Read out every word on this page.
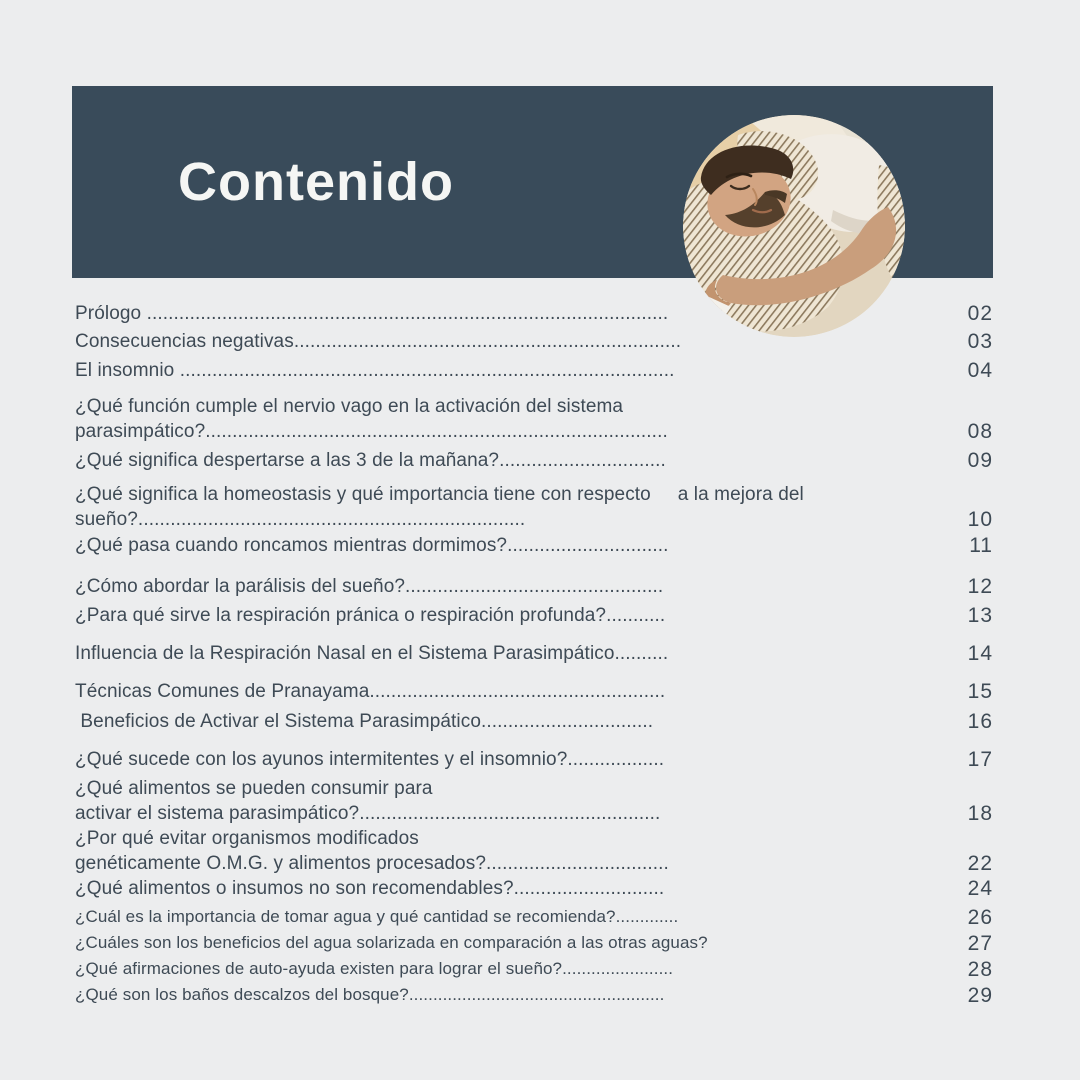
Contenido
Prólogo .................................................................................................	02
Consecuencias negativas........................................................................	03
El insomnio ............................................................................................	04
¿Qué función cumple el nervio vago en la activación del sistema
parasimpático?......................................................................................	08
¿Qué significa despertarse a las 3 de la mañana?...............................	09
¿Qué significa la homeostasis y qué importancia tiene con respecto     a la mejora del
sueño?........................................................................	10
¿Qué pasa cuando roncamos mientras dormimos?..............................	11
¿Cómo abordar la parálisis del sueño?................................................	12
¿Para qué sirve la respiración pránica o respiración profunda?...........	13
Influencia de la Respiración Nasal en el Sistema Parasimpático..........	14
Técnicas Comunes de Pranayama.......................................................	15
Beneficios de Activar el Sistema Parasimpático................................	16
¿Qué sucede con los ayunos intermitentes y el insomnio?..................	17
¿Qué alimentos se pueden consumir para
activar el sistema parasimpático?........................................................	18
¿Por qué evitar organismos modificados
genéticamente O.M.G. y alimentos procesados?..................................	22
¿Qué alimentos o insumos no son recomendables?............................	24
¿Cuál es la importancia de tomar agua y qué cantidad se recomienda?.............	26
¿Cuáles son los beneficios del agua solarizada en comparación a las otras aguas?	27
¿Qué afirmaciones de auto-ayuda existen para lograr el sueño?.......................	28
¿Qué son los baños descalzos del bosque?.....................................................	29
